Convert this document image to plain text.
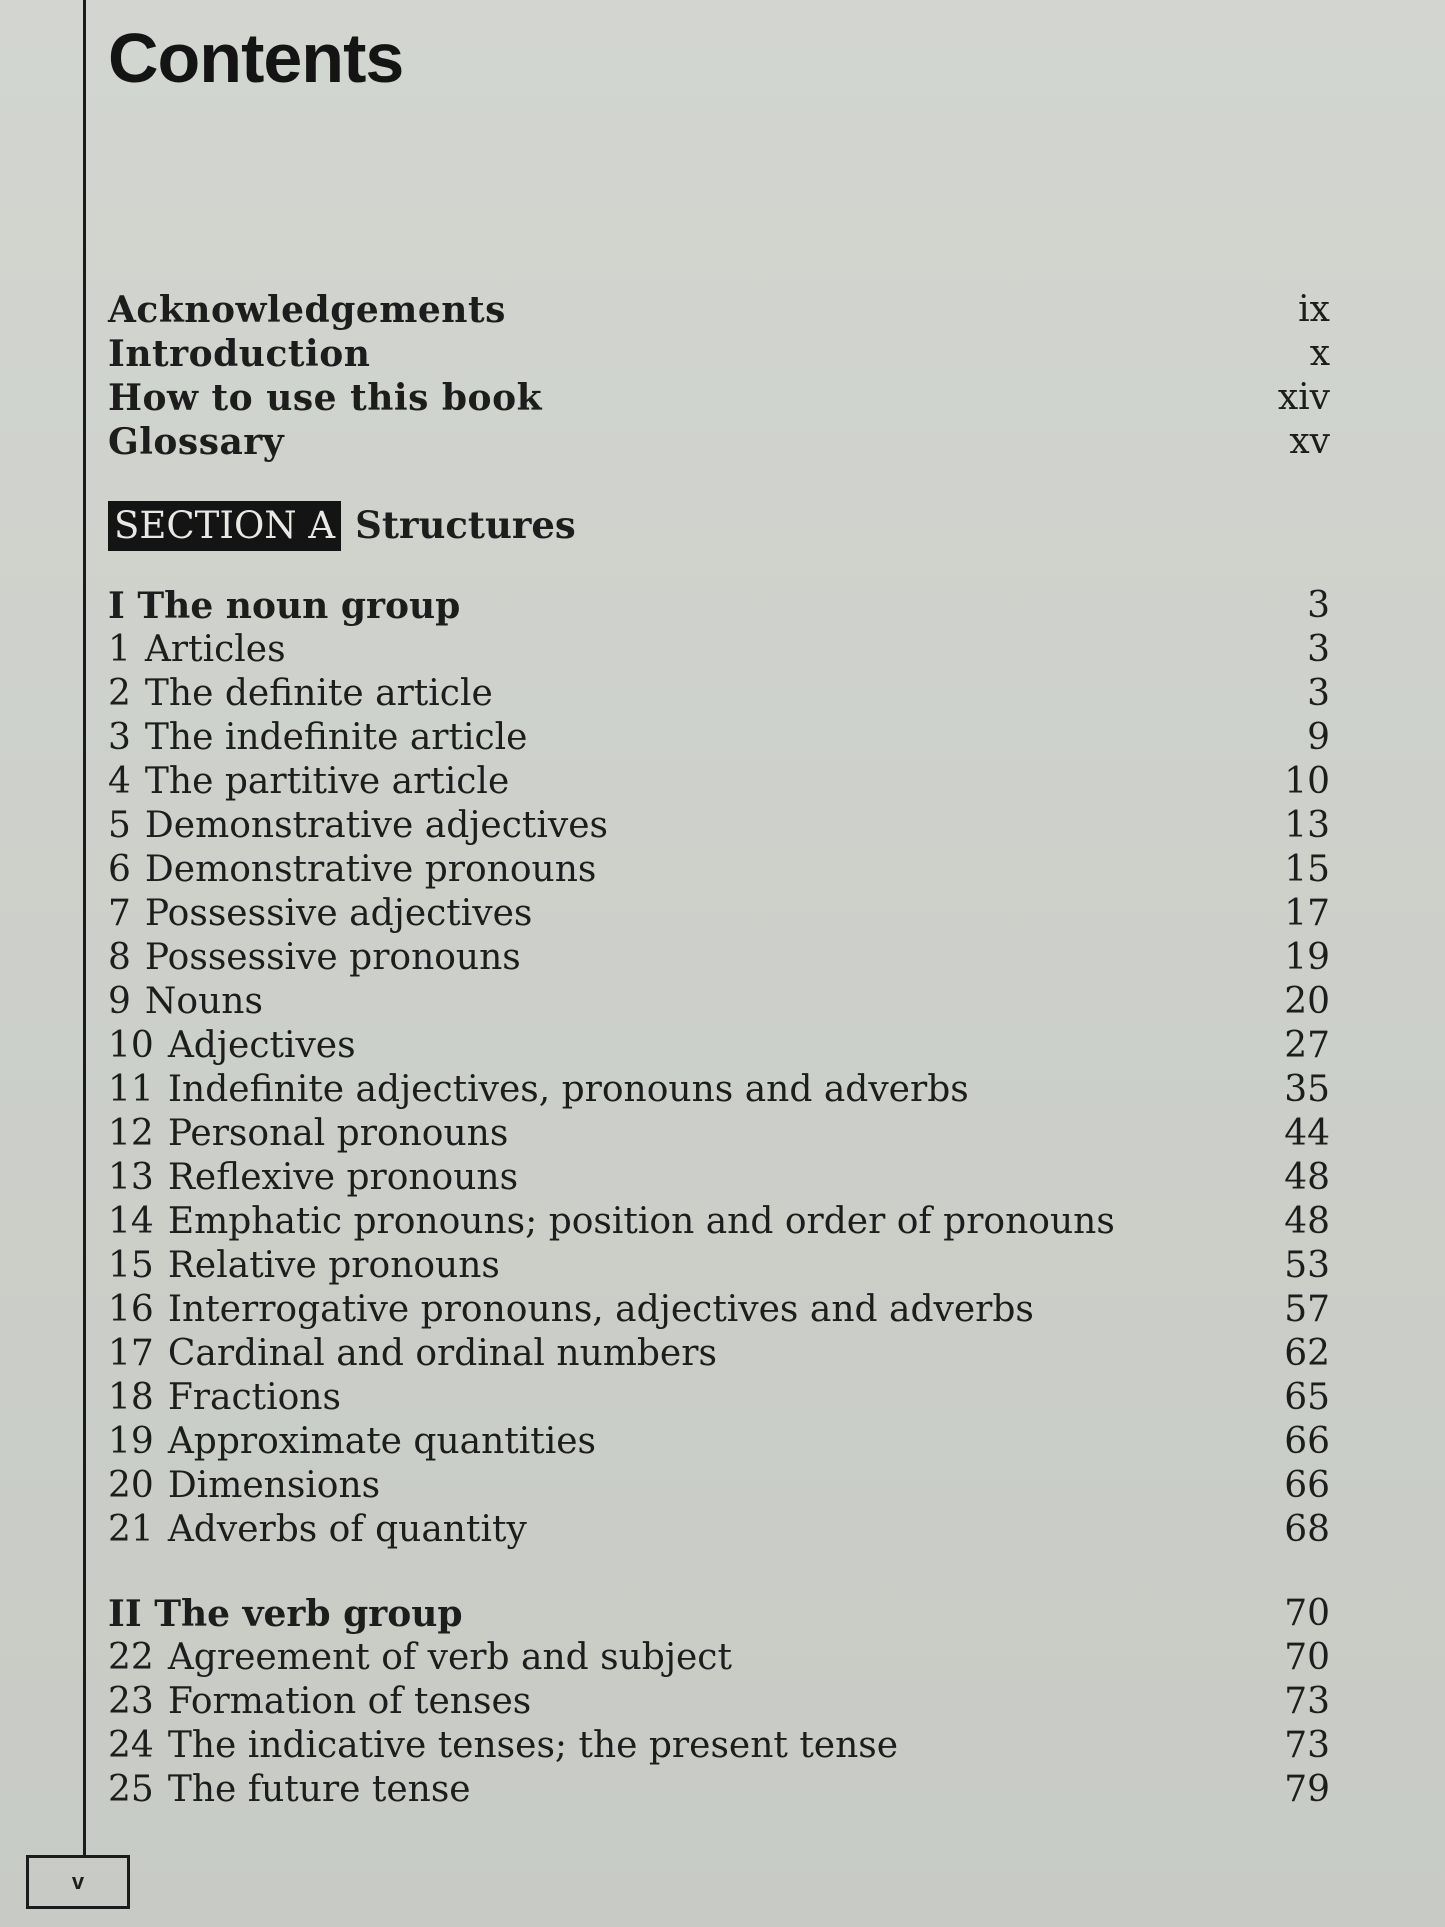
Contents
Acknowledgements	ix
Introduction	x
How to use this book	xiv
Glossary	xv
SECTION A Structures
I The noun group	3
1 Articles	3
2 The definite article	3
3 The indefinite article	9
4 The partitive article	10
5 Demonstrative adjectives	13
6 Demonstrative pronouns	15
7 Possessive adjectives	17
8 Possessive pronouns	19
9 Nouns	20
10 Adjectives	27
11 Indefinite adjectives, pronouns and adverbs	35
12 Personal pronouns	44
13 Reflexive pronouns	48
14 Emphatic pronouns; position and order of pronouns	48
15 Relative pronouns	53
16 Interrogative pronouns, adjectives and adverbs	57
17 Cardinal and ordinal numbers	62
18 Fractions	65
19 Approximate quantities	66
20 Dimensions	66
21 Adverbs of quantity	68
II The verb group	70
22 Agreement of verb and subject	70
23 Formation of tenses	73
24 The indicative tenses; the present tense	73
25 The future tense	79
v
